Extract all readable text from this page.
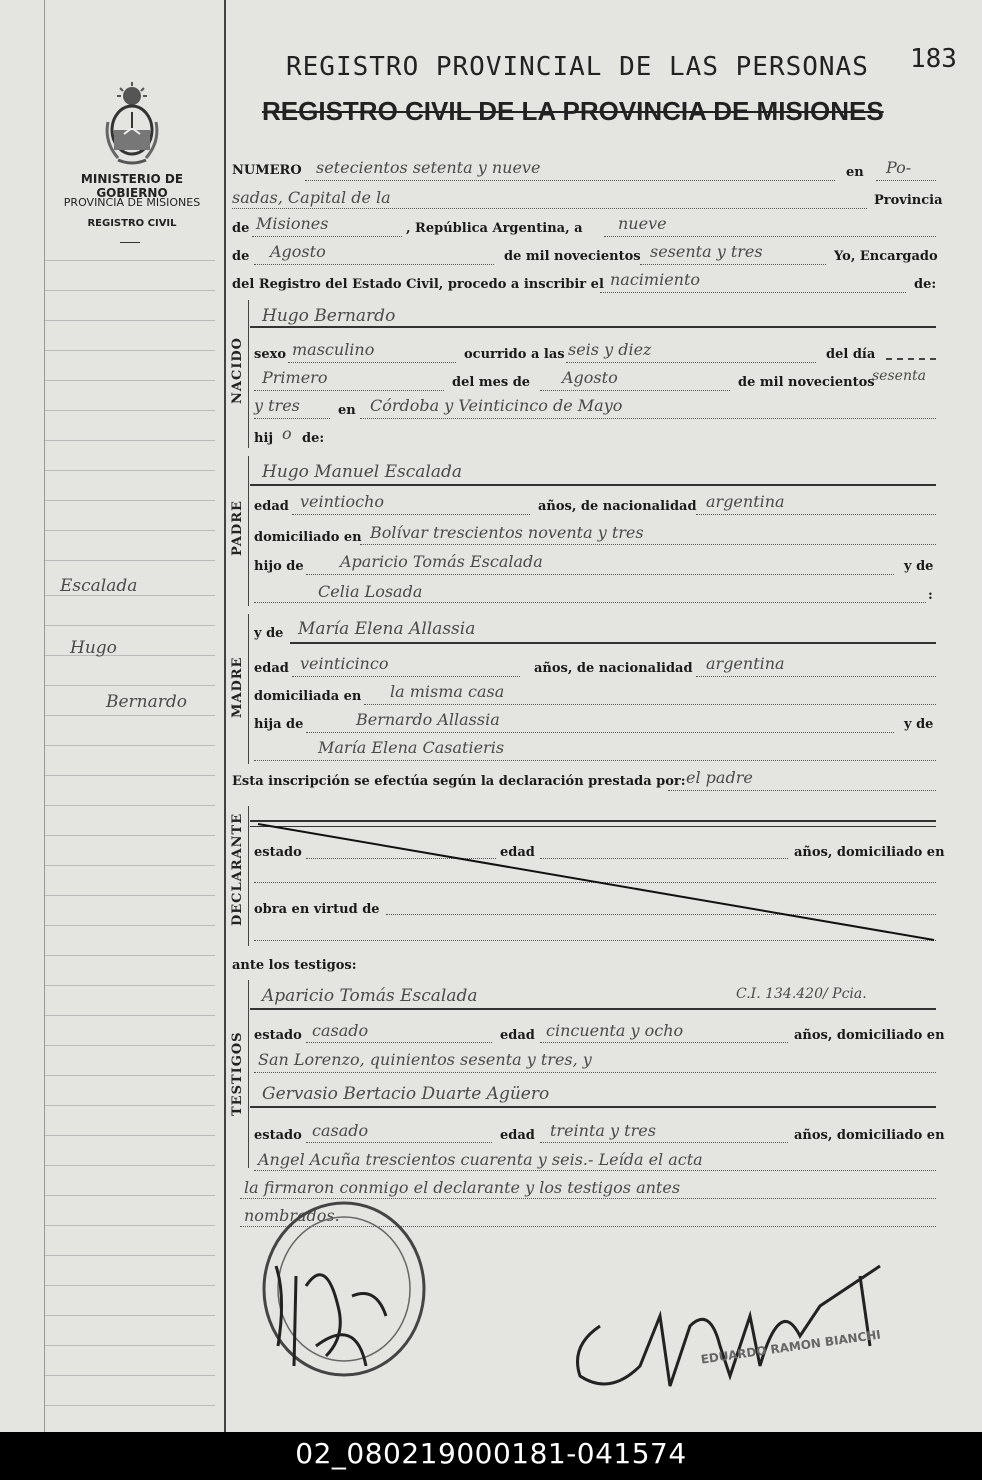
MINISTERIO DE GOBIERNO
PROVINCIA DE MISIONES
REGISTRO CIVIL
Escalada
Hugo
Bernardo
183
REGISTRO PROVINCIAL DE LAS PERSONAS
REGISTRO CIVIL DE LA PROVINCIA DE MISIONES
NUMERO setecientos setenta y nueve	en Po-
sadas, Capital de la	Provincia
de Misiones	, República Argentina, a nueve
de Agosto	de mil novecientos sesenta y tres	Yo, Encargado
del Registro del Estado Civil, procedo a inscribir el nacimiento	de:
NACIDO
Hugo Bernardo
sexo masculino	ocurrido a las seis y diez	del día
Primero	del mes de Agosto	de mil novecientos
sesenta
y tres	en Córdoba y Veinticinco de Mayo
hij o de:
PADRE
Hugo Manuel Escalada
edad veintiocho	años, de nacionalidad argentina
domiciliado en Bolívar trescientos noventa y tres
hijo de Aparicio Tomás Escalada	y de
Celia Losada	:
MADRE
y de María Elena Allassia
edad veinticinco	años, de nacionalidad argentina
domiciliada en la misma casa
hija de	Bernardo Allassia	y de
María Elena Casatieris
Esta inscripción se efectúa según la declaración prestada por: el padre
DECLARANTE estado	edad	años, domiciliado en
obra en virtud de
ante los testigos:
TESTIGOS
Aparicio Tomás Escalada	C.I. 134.420/ Pcia.
estado casado	edad cincuenta y ocho	años, domiciliado en
San Lorenzo, quinientos sesenta y tres, y
Gervasio Bertacio Duarte Agüero
estado casado	edad treinta y tres	años, domiciliado en
Angel Acuña trescientos cuarenta y seis.- Leída el acta
la firmaron conmigo el declarante y los testigos antes
nombrados.
EDUARDO RAMON BIANCHI
02_080219000181-041574
